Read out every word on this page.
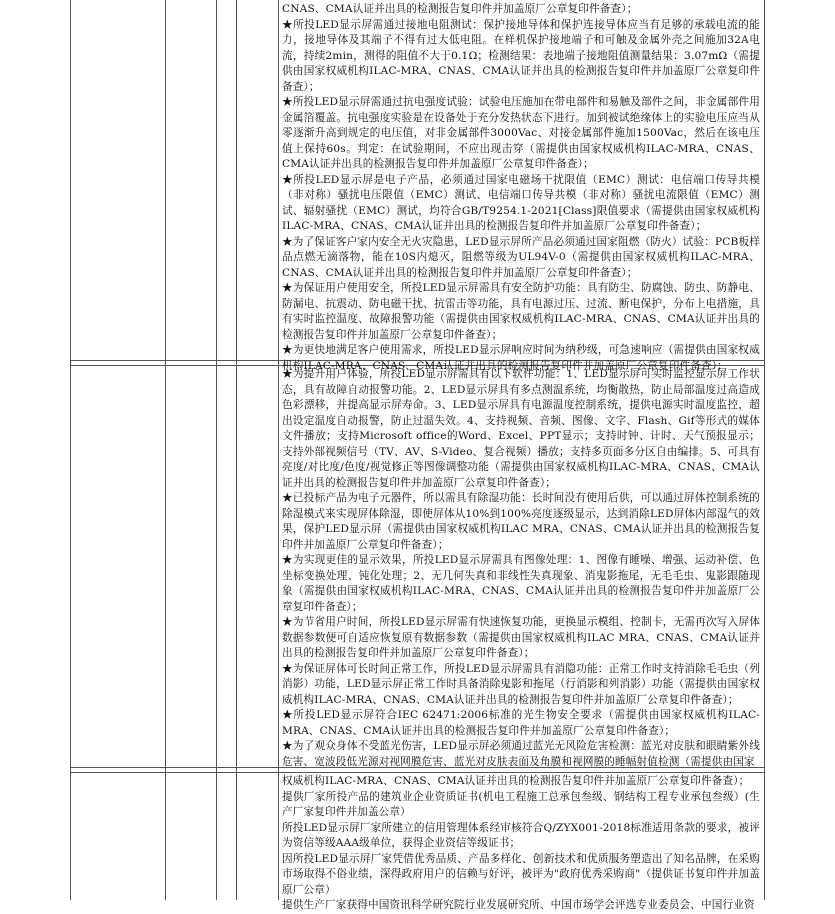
CNAS、CMA认证并出具的检测报告复印件并加盖原厂公章复印件备查）；

★所投LED显示屏需通过接地电阻测试：保护接地导体和保护连接导体应当有足够的承载电流的能力，接地导体及其端子不得有过大低电阻。在样机保护接地端子和可触及金属外壳之间施加32A电流，持续2min，测得的阻值不大于0.1Ω；检测结果：表地端子接地阻值测量结果：3.07mΩ（需提供由国家权威机构ILAC-MRA、CNAS、CMA认证并出具的检测报告复印件并加盖原厂公章复印件备查）；

★所投LED显示屏需通过抗电强度试验：试验电压施加在带电部件和易触及部件之间，非金属部件用金属箔覆盖。抗电强度实验是在设备处于充分发热状态下进行。加到被试绝缘体上的实验电压应当从零逐渐升高到规定的电压值，对非金属部件3000Vac、对接金属部件施加1500Vac，然后在该电压值上保持60s。判定：在试验期间，不应出现击穿（需提供由国家权威机构ILAC-MRA、CNAS、CMA认证并出具的检测报告复印件并加盖原厂公章复印件备查）；

★所投LED显示屏是电子产品，必须通过国家电磁场干扰限值（EMC）测试：电信端口传导共模（非对称）骚扰电压限值（EMC）测试、电信端口传导共模（非对称）骚扰电流限值（EMC）测试、辐射骚扰（EMC）测试，均符合GB/T9254.1-2021[Class]限值要求（需提供由国家权威机构ILAC-MRA、CNAS、CMA认证并出具的检测报告复印件并加盖原厂公章复印件备查）；

★为了保证客户家内安全无火灾隐患，LED显示屏所产品必须通过国家阻燃（防火）试验：PCB板样品点燃无滴落物，能在10S内熄灭，阻燃等级为UL94V-0（需提供由国家权威机构ILAC-MRA、CNAS、CMA认证并出具的检测报告复印件并加盖原厂公章复印件备查）；

★为保证用户使用安全，所投LED显示屏需具有安全防护功能：具有防尘、防腐蚀、防虫、防静电、防漏电、抗震动、防电磁干扰、抗雷击等功能，具有电源过压、过流、断电保护，分布上电措施，具有实时监控温度、故障报警功能（需提供由国家权威机构ILAC-MRA、CNAS、CMA认证并出具的检测报告复印件并加盖原厂公章复印件备查）；

★为更快地满足客户使用需求，所投LED显示屏响应时间为纳秒级，可急速响应（需提供由国家权威机构ILAC-MRA、CNAS、CMA认证并出具的检测报告复印件并加盖原厂公章复印件备查）；

★为提升用户体验，所投LED显示屏需具有以下软件功能：1、LED显示屏可实时监控显示屏工作状态，具有故障自动报警功能。2、LED显示屏具有多点测温系统，均衡散热，防止局部温度过高造成色彩漂移，并提高显示屏寿命。3、LED显示屏具有电源温度控制系统，提供电源实时温度监控，超出设定温度自动报警，防止过温失效。4、支持视频、音频、图像、文字、Flash、Gif等形式的媒体文件播放；支持Microsoft office的Word、Excel、PPT显示；支持时钟、计时、天气预报显示；支持外部视频信号（TV、AV、S-Video、复合视频）播放；支持多页面多分区自由编排。5、可具有亮度/对比度/色度/视觉修正等图像调整功能（需提供由国家权威机构ILAC-MRA、CNAS、CMA认证并出具的检测报告复印件并加盖原厂公章复印件备查）；

★已投标产品为电子元器件，所以需具有除湿功能：长时间没有使用后供，可以通过屏体控制系统的除湿模式来实现屏体除湿，即使屏体从10%到100%亮度逐级显示，达到消除LED屏体内部湿气的效果，保护LED显示屏（需提供由国家权威机构ILAC MRA、CNAS、CMA认证并出具的检测报告复印件并加盖原厂公章复印件备查）；

★为实现更佳的显示效果，所投LED显示屏需具有图像处理：1、图像有睡噪、增强、运动补偿、色坐标变换处理、钝化处理；2、无几何失真和非线性失真现象、消鬼影拖尾，无毛毛虫、鬼影跟随现象（需提供由国家权威机构ILAC-MRA、CNAS、CMA认证并出具的检测报告复印件并加盖原厂公章复印件备查）；

★为节省用户时间，所投LED显示屏需有快速恢复功能，更换显示模组、控制卡，无需再次写入屏体数据参数便可自适应恢复原有数据参数（需提供由国家权威机构ILAC MRA、CNAS、CMA认证并出具的检测报告复印件并加盖原厂公章复印件备查）；

★为保证屏体可长时间正常工作，所投LED显示屏需具有消隐功能：正常工作时支持消除毛毛虫（列消影）功能，LED显示屏正常工作时具备消除鬼影和拖尾（行消影和列消影）功能（需提供由国家权威机构ILAC-MRA、CNAS、CMA认证并出具的检测报告复印件并加盖原厂公章复印件备查）；

★所投LED显示屏符合IEC 62471:2006标准的光生物安全要求（需提供由国家权威机构ILAC-MRA、CNAS、CMA认证并出具的检测报告复印件并加盖原厂公章复印件备查）；

★为了观众身体不受蓝光伤害，LED显示屏必须通过蓝光无风险危害检测：蓝光对皮肤和眼睛紫外线危害、宽波段低光源对视网膜危害、蓝光对皮肤表面及角膜和视网膜的睡幅射值检测（需提供由国家

权威机构ILAC-MRA、CNAS、CMA认证并出具的检测报告复印件并加盖原厂公章复印件备查）；

提供厂家所投产品的建筑业企业资质证书(机电工程施工总承包叁级、钢结构工程专业承包叁级）(生产厂家复印件并加盖公章）

所投LED显示屏厂家所建立的信用管理体系经审核符合Q/ZYX001-2018标准适用条款的要求，被评为资信等级AAA级单位，获得企业资信等级证书；

因所投LED显示屏厂家凭借优秀品质、产品多样化、创新技术和优质服务塑造出了知名品牌，在采购市场取得不俗业绩，深得政府用户的信赖与好评，被评为"政府优秀采购商"（提供证书复印件并加盖原厂公章）

提供生产厂家获得中国资讯科学研究院行业发展研究所、中国市场学会评选专业委员会、中国行业资
